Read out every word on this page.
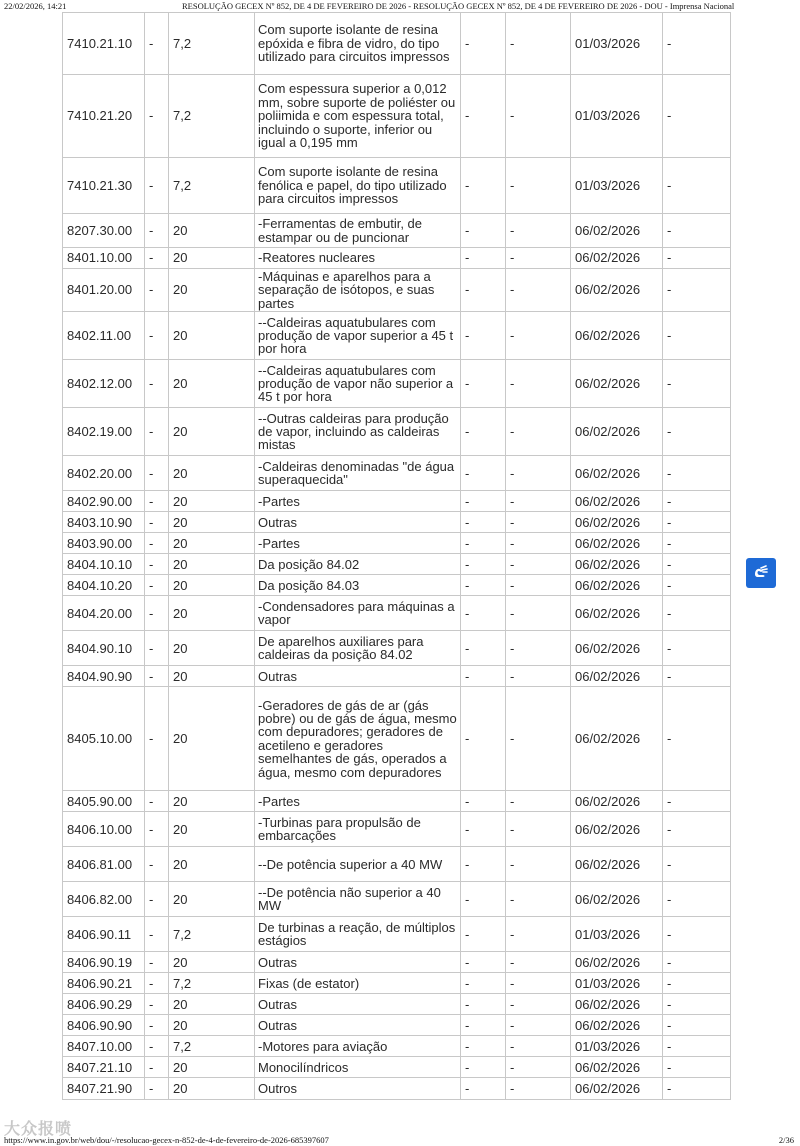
22/02/2026, 14:21	RESOLUÇÃO GECEX Nº 852, DE 4 DE FEVEREIRO DE 2026 - RESOLUÇÃO GECEX Nº 852, DE 4 DE FEVEREIRO DE 2026 - DOU - Imprensa Nacional
7410.21.10	-	7,2	Com suporte isolante de resina epóxida e fibra de vidro, do tipo utilizado para circuitos impressos	-	-	01/03/2026	-
7410.21.20	-	7,2	Com espessura superior a 0,012 mm, sobre suporte de poliéster ou poliimida e com espessura total, incluindo o suporte, inferior ou igual a 0,195 mm	-	-	01/03/2026	-
7410.21.30	-	7,2	Com suporte isolante de resina fenólica e papel, do tipo utilizado para circuitos impressos	-	-	01/03/2026	-
8207.30.00	-	20	-Ferramentas de embutir, de estampar ou de puncionar	-	-	06/02/2026	-
8401.10.00	-	20	-Reatores nucleares	-	-	06/02/2026	-
8401.20.00	-	20	-Máquinas e aparelhos para a separação de isótopos, e suas partes	-	-	06/02/2026	-
8402.11.00	-	20	--Caldeiras aquatubulares com produção de vapor superior a 45 t por hora	-	-	06/02/2026	-
8402.12.00	-	20	--Caldeiras aquatubulares com produção de vapor não superior a 45 t por hora	-	-	06/02/2026	-
8402.19.00	-	20	--Outras caldeiras para produção de vapor, incluindo as caldeiras mistas	-	-	06/02/2026	-
8402.20.00	-	20	-Caldeiras denominadas "de água superaquecida"	-	-	06/02/2026	-
8402.90.00	-	20	-Partes	-	-	06/02/2026	-
8403.10.90	-	20	Outras	-	-	06/02/2026	-
8403.90.00	-	20	-Partes	-	-	06/02/2026	-
8404.10.10	-	20	Da posição 84.02	-	-	06/02/2026	-
8404.10.20	-	20	Da posição 84.03	-	-	06/02/2026	-
8404.20.00	-	20	-Condensadores para máquinas a vapor	-	-	06/02/2026	-
8404.90.10	-	20	De aparelhos auxiliares para caldeiras da posição 84.02	-	-	06/02/2026	-
8404.90.90	-	20	Outras	-	-	06/02/2026	-
8405.10.00	-	20	-Geradores de gás de ar (gás pobre) ou de gás de água, mesmo com depuradores; geradores de acetileno e geradores semelhantes de gás, operados a água, mesmo com depuradores	-	-	06/02/2026	-
8405.90.00	-	20	-Partes	-	-	06/02/2026	-
8406.10.00	-	20	-Turbinas para propulsão de embarcações	-	-	06/02/2026	-
8406.81.00	-	20	--De potência superior a 40 MW	-	-	06/02/2026	-
8406.82.00	-	20	--De potência não superior a 40 MW	-	-	06/02/2026	-
8406.90.11	-	7,2	De turbinas a reação, de múltiplos estágios	-	-	01/03/2026	-
8406.90.19	-	20	Outras	-	-	06/02/2026	-
8406.90.21	-	7,2	Fixas (de estator)	-	-	01/03/2026	-
8406.90.29	-	20	Outras	-	-	06/02/2026	-
8406.90.90	-	20	Outras	-	-	06/02/2026	-
8407.10.00	-	7,2	-Motores para aviação	-	-	01/03/2026	-
8407.21.10	-	20	Monocilíndricos	-	-	06/02/2026	-
8407.21.90	-	20	Outros	-	-	06/02/2026	-
大众报喷
https://www.in.gov.br/web/dou/-/resolucao-gecex-n-852-de-4-de-fevereiro-de-2026-685397607	2/36
